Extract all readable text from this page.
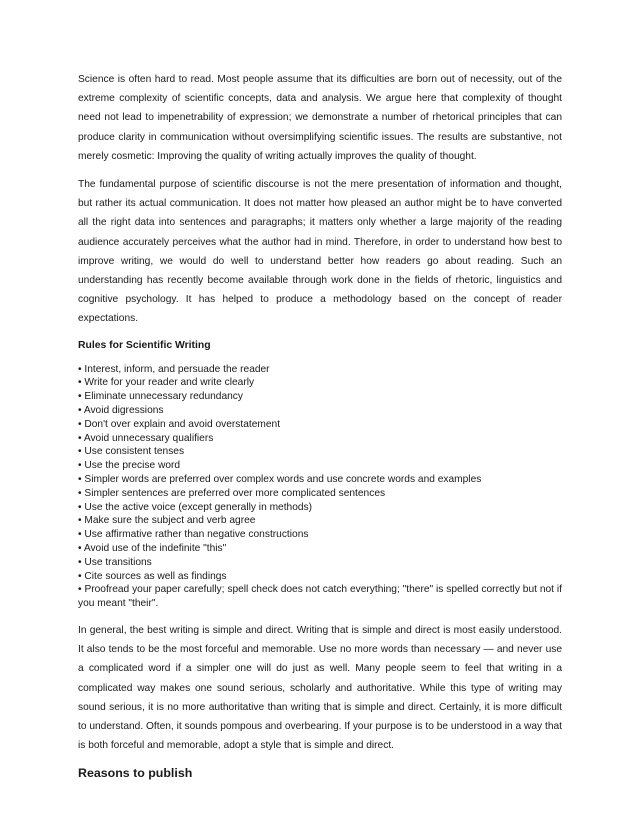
Science is often hard to read. Most people assume that its difficulties are born out of necessity, out of the extreme complexity of scientific concepts, data and analysis. We argue here that complexity of thought need not lead to impenetrability of expression; we demonstrate a number of rhetorical principles that can produce clarity in communication without oversimplifying scientific issues. The results are substantive, not merely cosmetic: Improving the quality of writing actually improves the quality of thought.

The fundamental purpose of scientific discourse is not the mere presentation of information and thought, but rather its actual communication. It does not matter how pleased an author might be to have converted all the right data into sentences and paragraphs; it matters only whether a large majority of the reading audience accurately perceives what the author had in mind. Therefore, in order to understand how best to improve writing, we would do well to understand better how readers go about reading. Such an understanding has recently become available through work done in the fields of rhetoric, linguistics and cognitive psychology. It has helped to produce a methodology based on the concept of reader expectations.

Rules for Scientific Writing
• Interest, inform, and persuade the reader
• Write for your reader and write clearly
• Eliminate unnecessary redundancy
• Avoid digressions
• Don't over explain and avoid overstatement
• Avoid unnecessary qualifiers
• Use consistent tenses
• Use the precise word
• Simpler words are preferred over complex words and use concrete words and examples
• Simpler sentences are preferred over more complicated sentences
• Use the active voice (except generally in methods)
• Make sure the subject and verb agree
• Use affirmative rather than negative constructions
• Avoid use of the indefinite "this"
• Use transitions
• Cite sources as well as findings
• Proofread your paper carefully; spell check does not catch everything; "there" is spelled correctly but not if you meant "their".

In general, the best writing is simple and direct. Writing that is simple and direct is most easily understood. It also tends to be the most forceful and memorable. Use no more words than necessary — and never use a complicated word if a simpler one will do just as well. Many people seem to feel that writing in a complicated way makes one sound serious, scholarly and authoritative. While this type of writing may sound serious, it is no more authoritative than writing that is simple and direct. Certainly, it is more difficult to understand. Often, it sounds pompous and overbearing. If your purpose is to be understood in a way that is both forceful and memorable, adopt a style that is simple and direct.

Reasons to publish
